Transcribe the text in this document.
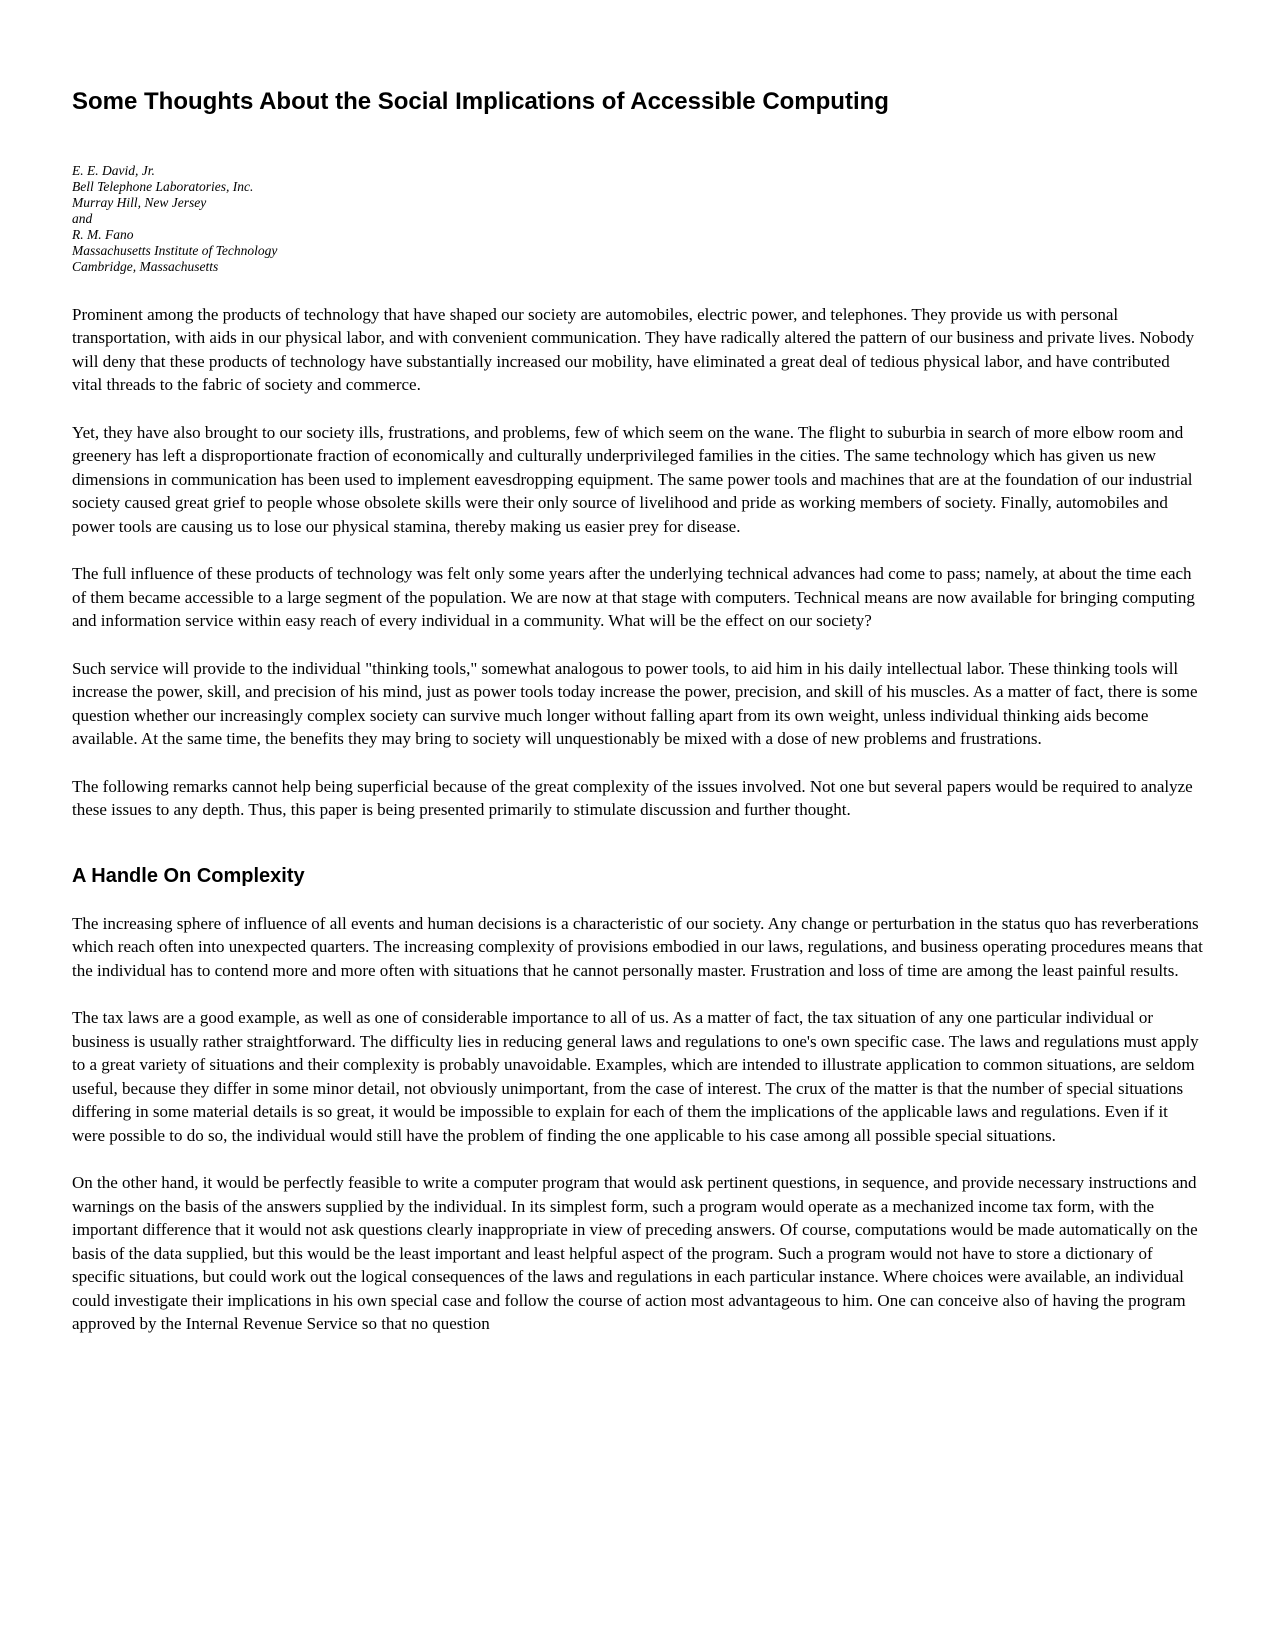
Some Thoughts About the Social Implications of Accessible Computing
E. E. David, Jr.
Bell Telephone Laboratories, Inc.
Murray Hill, New Jersey
and
R. M. Fano
Massachusetts Institute of Technology
Cambridge, Massachusetts

Prominent among the products of technology that have shaped our society are automobiles, electric power, and telephones. They provide us with personal transportation, with aids in our physical labor, and with convenient communication. They have radically altered the pattern of our business and private lives. Nobody will deny that these products of technology have substantially increased our mobility, have eliminated a great deal of tedious physical labor, and have contributed vital threads to the fabric of society and commerce.

Yet, they have also brought to our society ills, frustrations, and problems, few of which seem on the wane. The flight to suburbia in search of more elbow room and greenery has left a disproportionate fraction of economically and culturally underprivileged families in the cities. The same technology which has given us new dimensions in communication has been used to implement eavesdropping equipment. The same power tools and machines that are at the foundation of our industrial society caused great grief to people whose obsolete skills were their only source of livelihood and pride as working members of society. Finally, automobiles and power tools are causing us to lose our physical stamina, thereby making us easier prey for disease.

The full influence of these products of technology was felt only some years after the underlying technical advances had come to pass; namely, at about the time each of them became accessible to a large segment of the population. We are now at that stage with computers. Technical means are now available for bringing computing and information service within easy reach of every individual in a community. What will be the effect on our society?

Such service will provide to the individual "thinking tools," somewhat analogous to power tools, to aid him in his daily intellectual labor. These thinking tools will increase the power, skill, and precision of his mind, just as power tools today increase the power, precision, and skill of his muscles. As a matter of fact, there is some question whether our increasingly complex society can survive much longer without falling apart from its own weight, unless individual thinking aids become available. At the same time, the benefits they may bring to society will unquestionably be mixed with a dose of new problems and frustrations.

The following remarks cannot help being superficial because of the great complexity of the issues involved. Not one but several papers would be required to analyze these issues to any depth. Thus, this paper is being presented primarily to stimulate discussion and further thought.

A Handle On Complexity

The increasing sphere of influence of all events and human decisions is a characteristic of our society. Any change or perturbation in the status quo has reverberations which reach often into unexpected quarters. The increasing complexity of provisions embodied in our laws, regulations, and business operating procedures means that the individual has to contend more and more often with situations that he cannot personally master. Frustration and loss of time are among the least painful results.

The tax laws are a good example, as well as one of considerable importance to all of us. As a matter of fact, the tax situation of any one particular individual or business is usually rather straightforward. The difficulty lies in reducing general laws and regulations to one's own specific case. The laws and regulations must apply to a great variety of situations and their complexity is probably unavoidable. Examples, which are intended to illustrate application to common situations, are seldom useful, because they differ in some minor detail, not obviously unimportant, from the case of interest. The crux of the matter is that the number of special situations differing in some material details is so great, it would be impossible to explain for each of them the implications of the applicable laws and regulations. Even if it were possible to do so, the individual would still have the problem of finding the one applicable to his case among all possible special situations.

On the other hand, it would be perfectly feasible to write a computer program that would ask pertinent questions, in sequence, and provide necessary instructions and warnings on the basis of the answers supplied by the individual. In its simplest form, such a program would operate as a mechanized income tax form, with the important difference that it would not ask questions clearly inappropriate in view of preceding answers. Of course, computations would be made automatically on the basis of the data supplied, but this would be the least important and least helpful aspect of the program. Such a program would not have to store a dictionary of specific situations, but could work out the logical consequences of the laws and regulations in each particular instance. Where choices were available, an individual could investigate their implications in his own special case and follow the course of action most advantageous to him. One can conceive also of having the program approved by the Internal Revenue Service so that no question
